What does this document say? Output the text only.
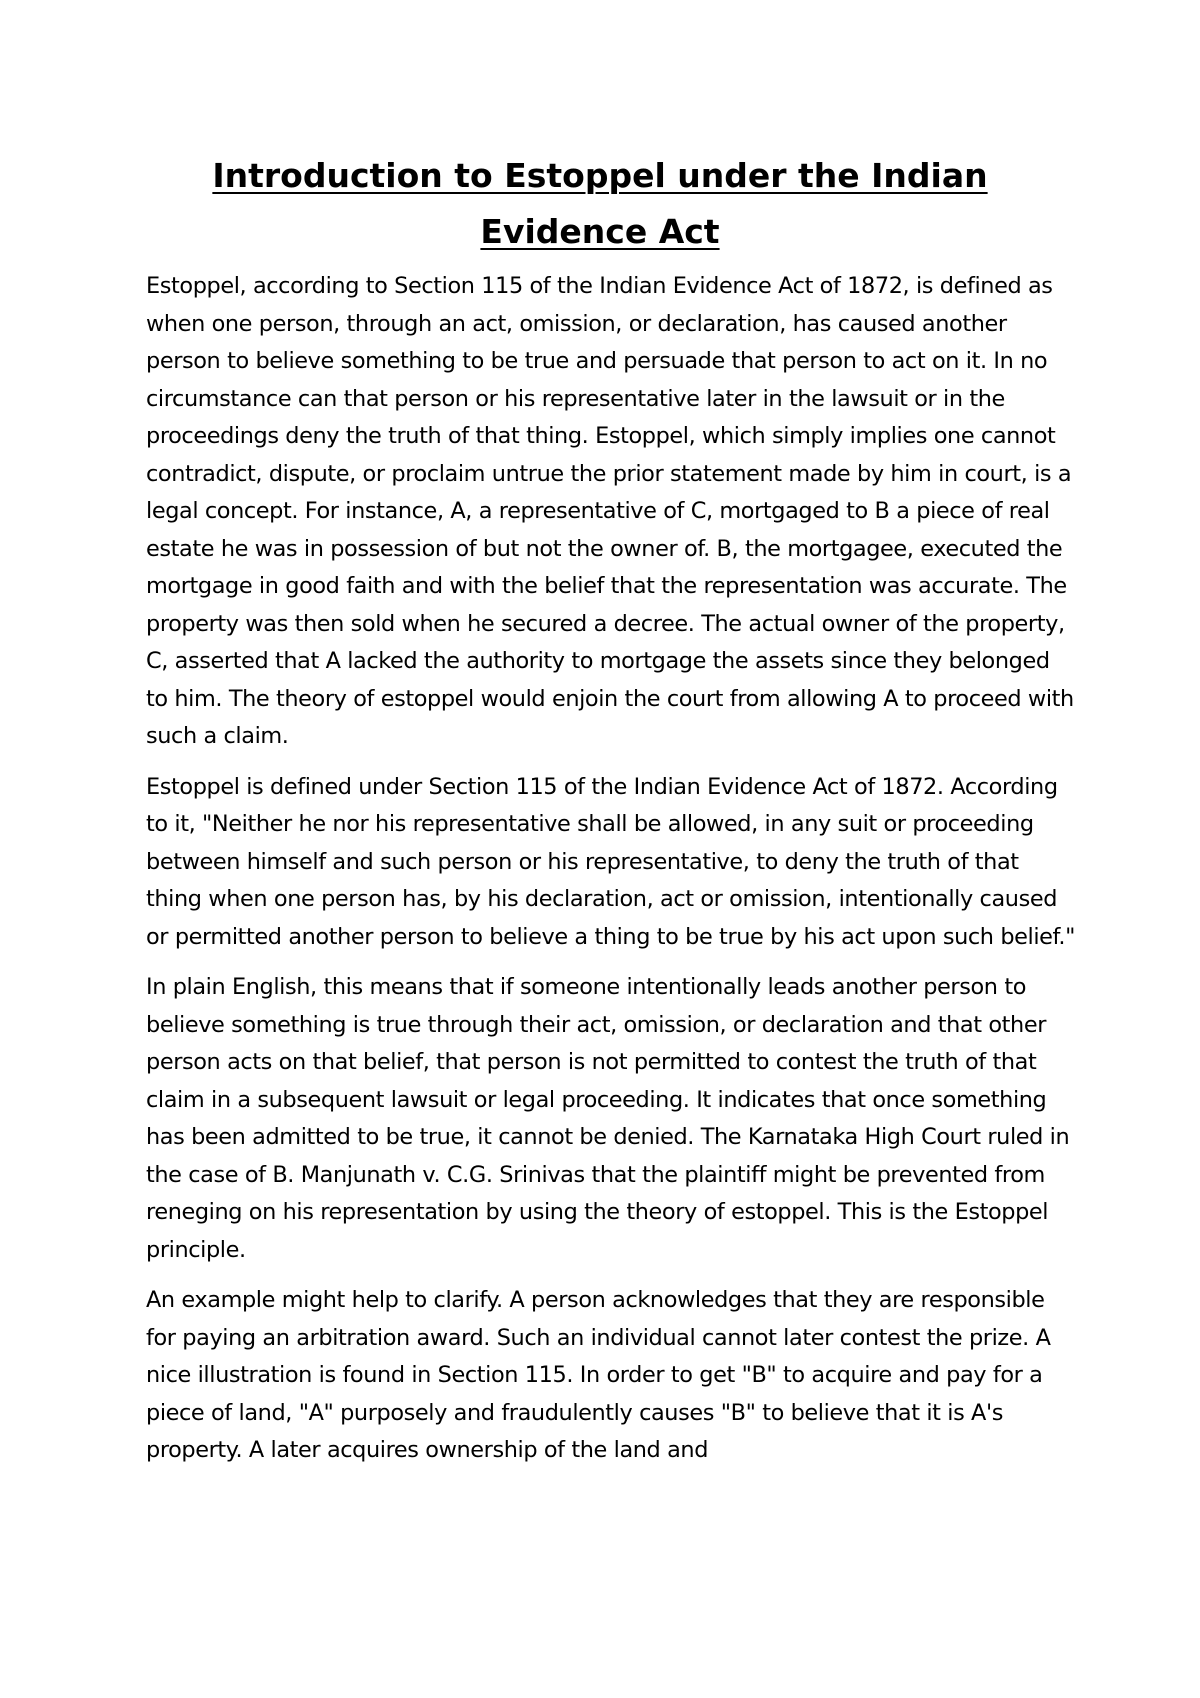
Introduction to Estoppel under the Indian Evidence Act

Estoppel, according to Section 115 of the Indian Evidence Act of 1872, is defined as when one person, through an act, omission, or declaration, has caused another person to believe something to be true and persuade that person to act on it. In no circumstance can that person or his representative later in the lawsuit or in the proceedings deny the truth of that thing. Estoppel, which simply implies one cannot contradict, dispute, or proclaim untrue the prior statement made by him in court, is a legal concept. For instance, A, a representative of C, mortgaged to B a piece of real estate he was in possession of but not the owner of. B, the mortgagee, executed the mortgage in good faith and with the belief that the representation was accurate. The property was then sold when he secured a decree. The actual owner of the property, C, asserted that A lacked the authority to mortgage the assets since they belonged to him. The theory of estoppel would enjoin the court from allowing A to proceed with such a claim.

Estoppel is defined under Section 115 of the Indian Evidence Act of 1872. According to it, "Neither he nor his representative shall be allowed, in any suit or proceeding between himself and such person or his representative, to deny the truth of that thing when one person has, by his declaration, act or omission, intentionally caused or permitted another person to believe a thing to be true by his act upon such belief."

In plain English, this means that if someone intentionally leads another person to believe something is true through their act, omission, or declaration and that other person acts on that belief, that person is not permitted to contest the truth of that claim in a subsequent lawsuit or legal proceeding. It indicates that once something has been admitted to be true, it cannot be denied. The Karnataka High Court ruled in the case of B. Manjunath v. C.G. Srinivas that the plaintiff might be prevented from reneging on his representation by using the theory of estoppel. This is the Estoppel principle.

An example might help to clarify. A person acknowledges that they are responsible for paying an arbitration award. Such an individual cannot later contest the prize. A nice illustration is found in Section 115. In order to get "B" to acquire and pay for a piece of land, "A" purposely and fraudulently causes "B" to believe that it is A's property. A later acquires ownership of the land and
